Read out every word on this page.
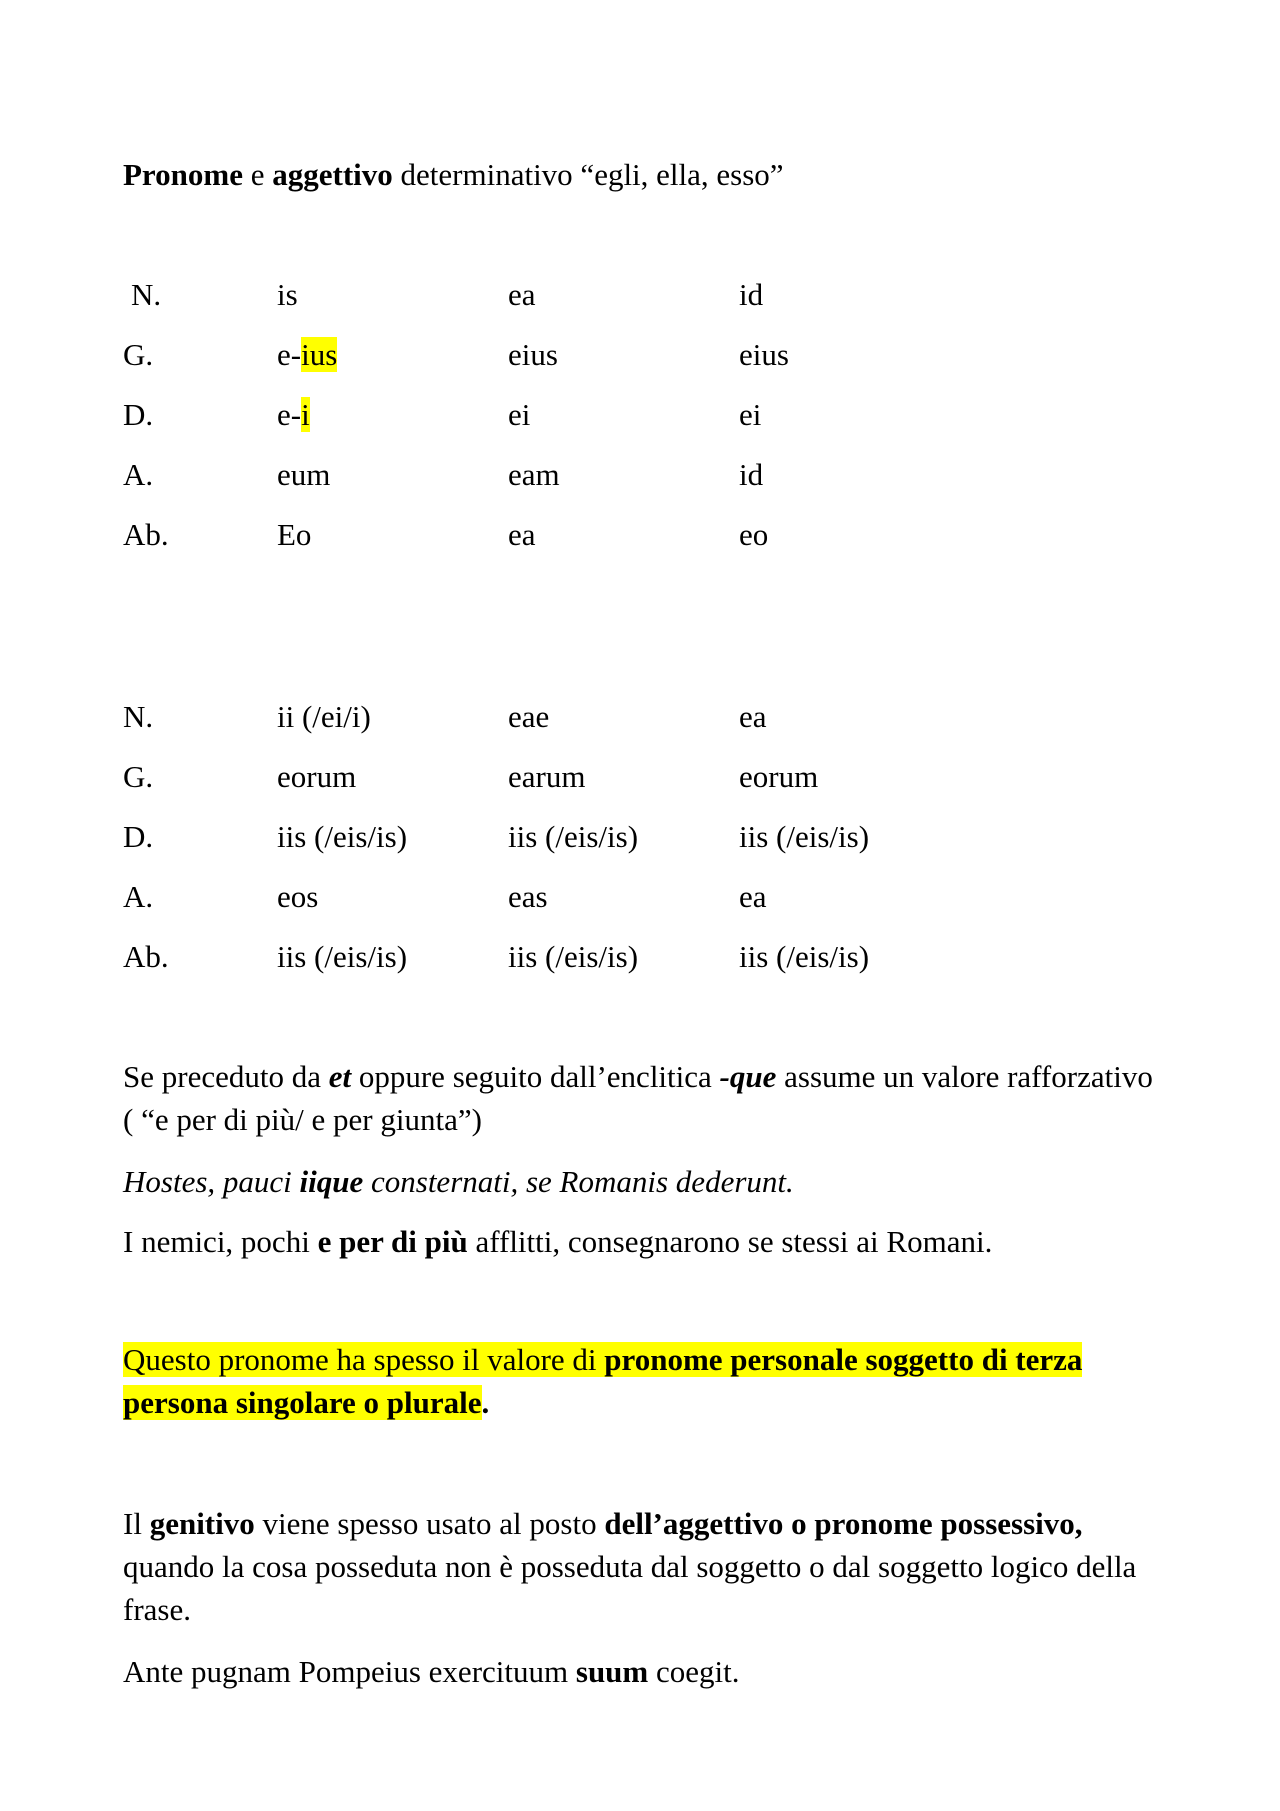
Pronome e aggettivo determinativo “egli, ella, esso”
N.	is	ea	id
G.	e-ius	eius	eius
D.	e-i	ei	ei
A.	eum	eam	id
Ab.	Eo	ea	eo
N.	ii (/ei/i)	eae	ea
G.	eorum	earum	eorum
D.	iis (/eis/is)	iis (/eis/is)	iis (/eis/is)
A.	eos	eas	ea
Ab.	iis (/eis/is)	iis (/eis/is)	iis (/eis/is)
Se preceduto da et oppure seguito dall’enclitica -que assume un valore rafforzativo ( “e per di più/ e per giunta”)
Hostes, pauci iique consternati, se Romanis dederunt.
I nemici, pochi e per di più afflitti, consegnarono se stessi ai Romani.
Questo pronome ha spesso il valore di pronome personale soggetto di terza persona singolare o plurale.
Il genitivo viene spesso usato al posto dell’aggettivo o pronome possessivo, quando la cosa posseduta non è posseduta dal soggetto o dal soggetto logico della frase.
Ante pugnam Pompeius exercituum suum coegit.
